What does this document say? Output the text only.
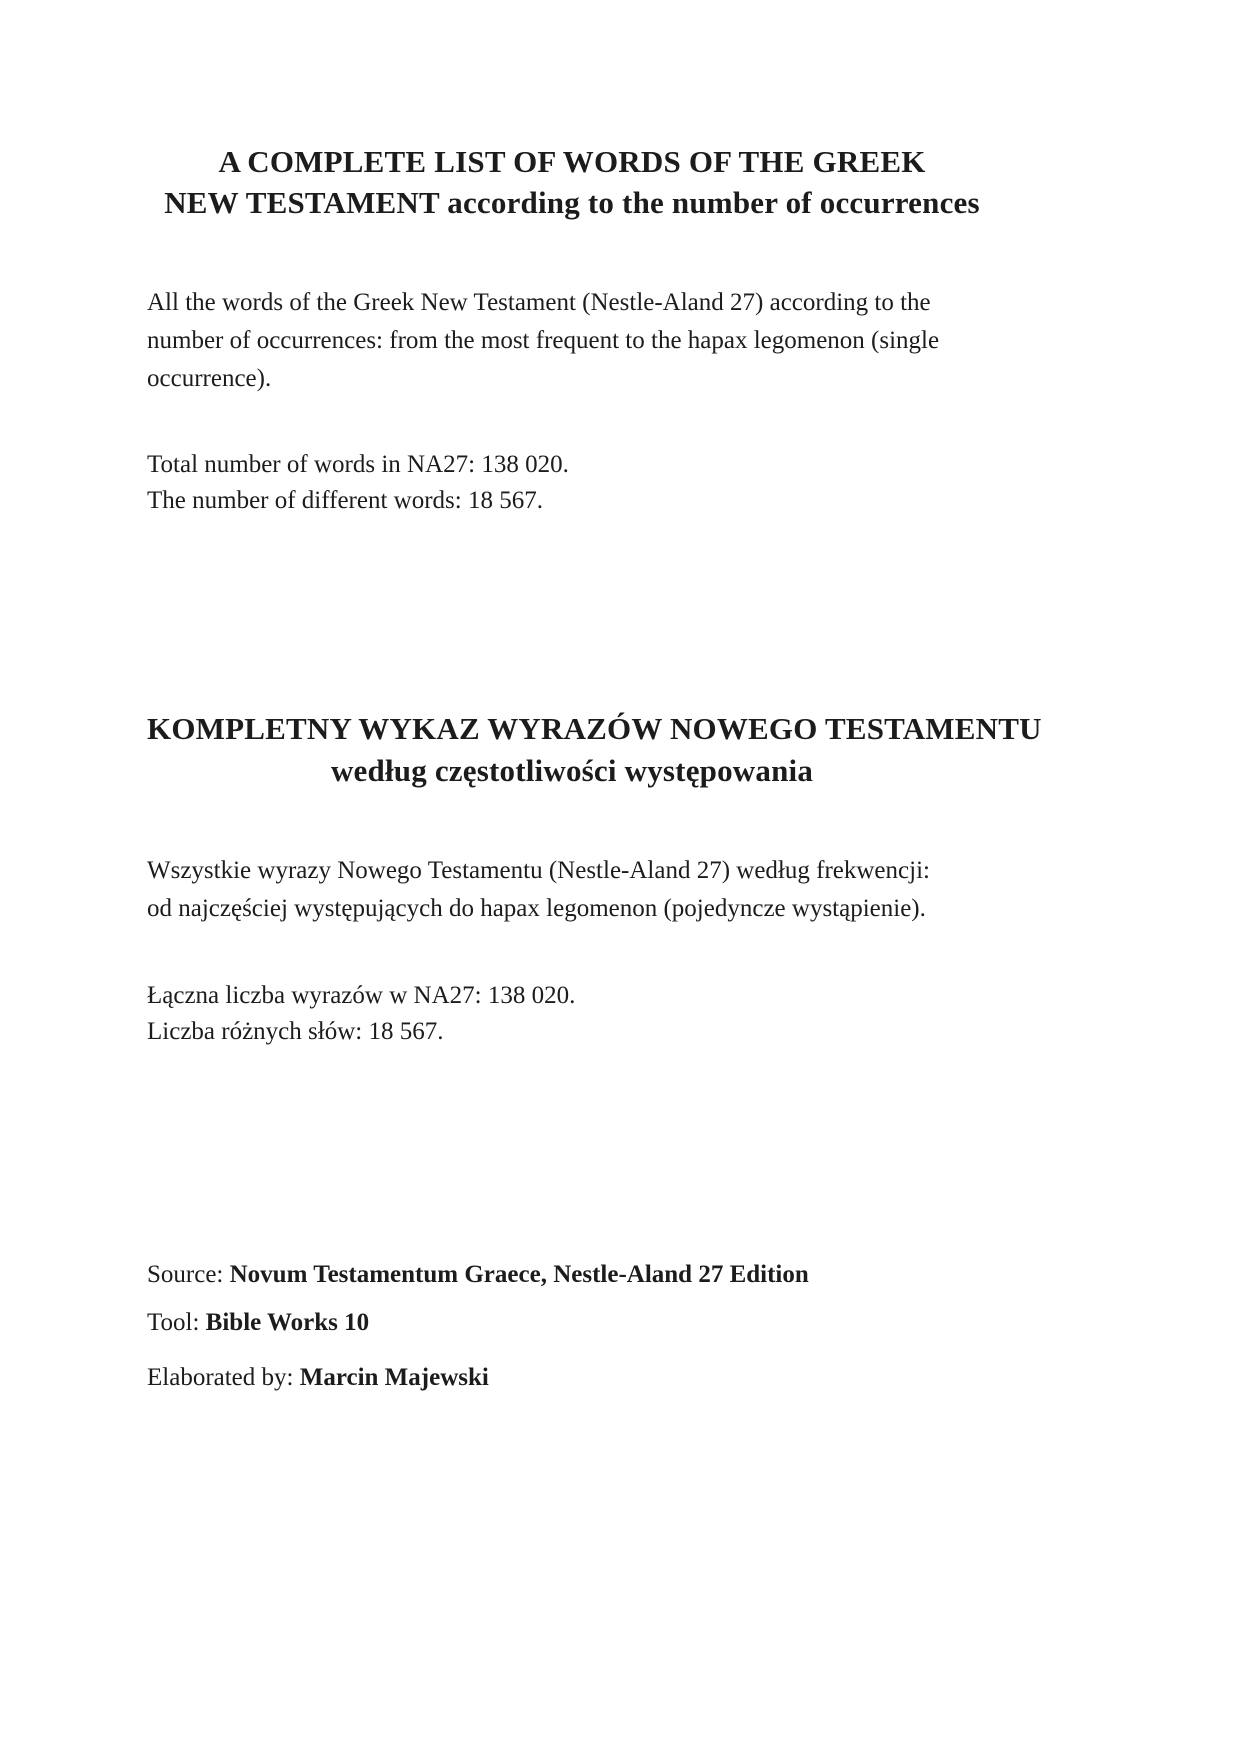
A COMPLETE LIST OF WORDS OF THE GREEK
NEW TESTAMENT according to the number of occurrences
All the words of the Greek New Testament (Nestle-Aland 27) according to the
number of occurrences: from the most frequent to the hapax legomenon (single
occurrence).
Total number of words in NA27: 138 020.
The number of different words: 18 567.
KOMPLETNY WYKAZ WYRAZÓW NOWEGO TESTAMENTU
według częstotliwości występowania
Wszystkie wyrazy Nowego Testamentu (Nestle-Aland 27) według frekwencji:
od najczęściej występujących do hapax legomenon (pojedyncze wystąpienie).
Łączna liczba wyrazów w NA27: 138 020.
Liczba różnych słów: 18 567.
Source: Novum Testamentum Graece, Nestle-Aland 27 Edition
Tool: Bible Works 10
Elaborated by: Marcin Majewski
